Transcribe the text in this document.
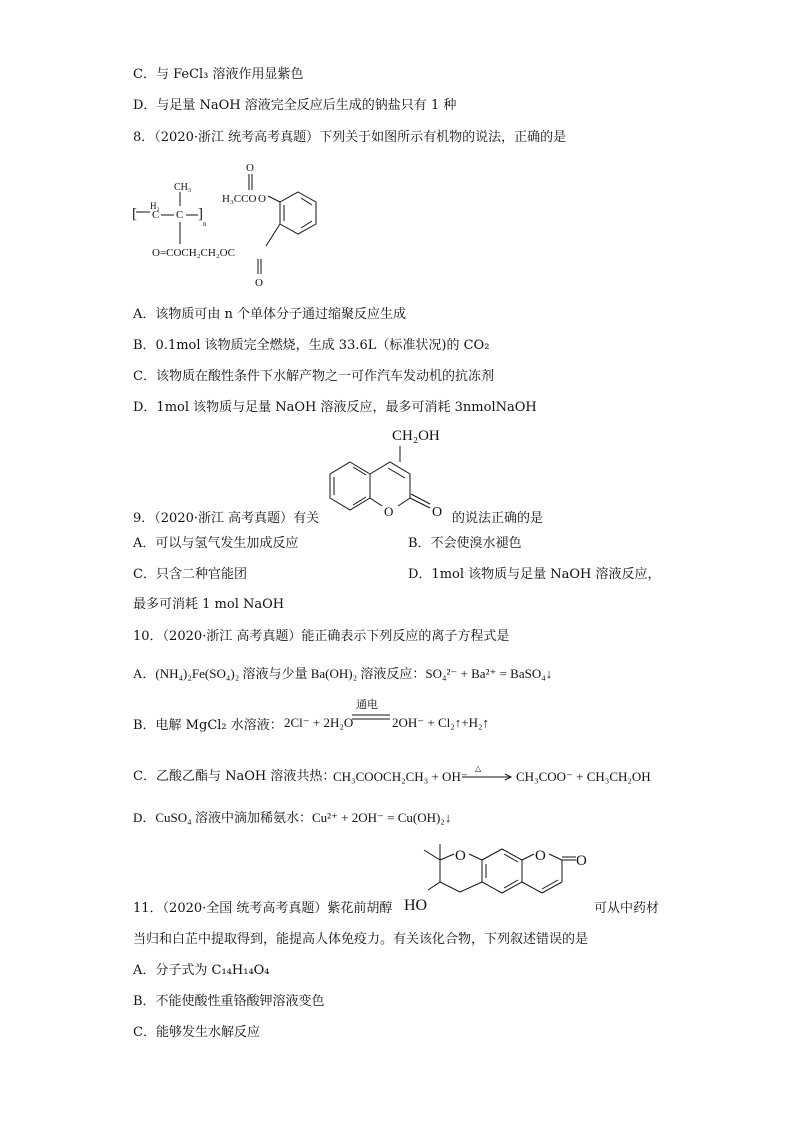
C．与 FeCl₃ 溶液作用显紫色
D．与足量 NaOH 溶液完全反应后生成的钠盐只有 1 种
8．（2020·浙江 统考高考真题）下列关于如图所示有机物的说法，正确的是
[ H₂
C C ]
n
CH₃
O=COCH₂CH₂OC
O
H₃CCO O
O
A．该物质可由 n 个单体分子通过缩聚反应生成
B．0.1mol 该物质完全燃烧，生成 33.6L（标准状况)的 CO₂
C．该物质在酸性条件下水解产物之一可作汽车发动机的抗冻剂
D．1mol 该物质与足量 NaOH 溶液反应，最多可消耗 3nmolNaOH
CH₂OH
O	O
9．（2020·浙江 高考真题）有关	的说法正确的是
A．可以与氢气发生加成反应	B．不会使溴水褪色
C．只含二种官能团	D．1mol 该物质与足量 NaOH 溶液反应，
最多可消耗 1 mol NaOH
10．（2020·浙江 高考真题）能正确表示下列反应的离子方程式是
A．(NH₄)₂Fe(SO₄)₂ 溶液与少量 Ba(OH)₂ 溶液反应：SO₄²⁻ + Ba²⁺ = BaSO₄↓
B．电解 MgCl₂ 水溶液： 2Cl⁻ + 2H₂O
通电
2OH⁻ + Cl₂↑+H₂↑
C．乙酸乙酯与 NaOH 溶液共热：
CH₃COOCH₂CH₃ + OH⁻
△
CH₃COO⁻ + CH₃CH₂OH
D．CuSO₄ 溶液中滴加稀氨水：Cu²⁺ + 2OH⁻ = Cu(OH)₂↓
O
HO
O O
11．（2020·全国 统考高考真题）紫花前胡醇	可从中药材
当归和白芷中提取得到，能提高人体免疫力。有关该化合物，下列叙述错误的是
A．分子式为 C₁₄H₁₄O₄
B．不能使酸性重铬酸钾溶液变色
C．能够发生水解反应
